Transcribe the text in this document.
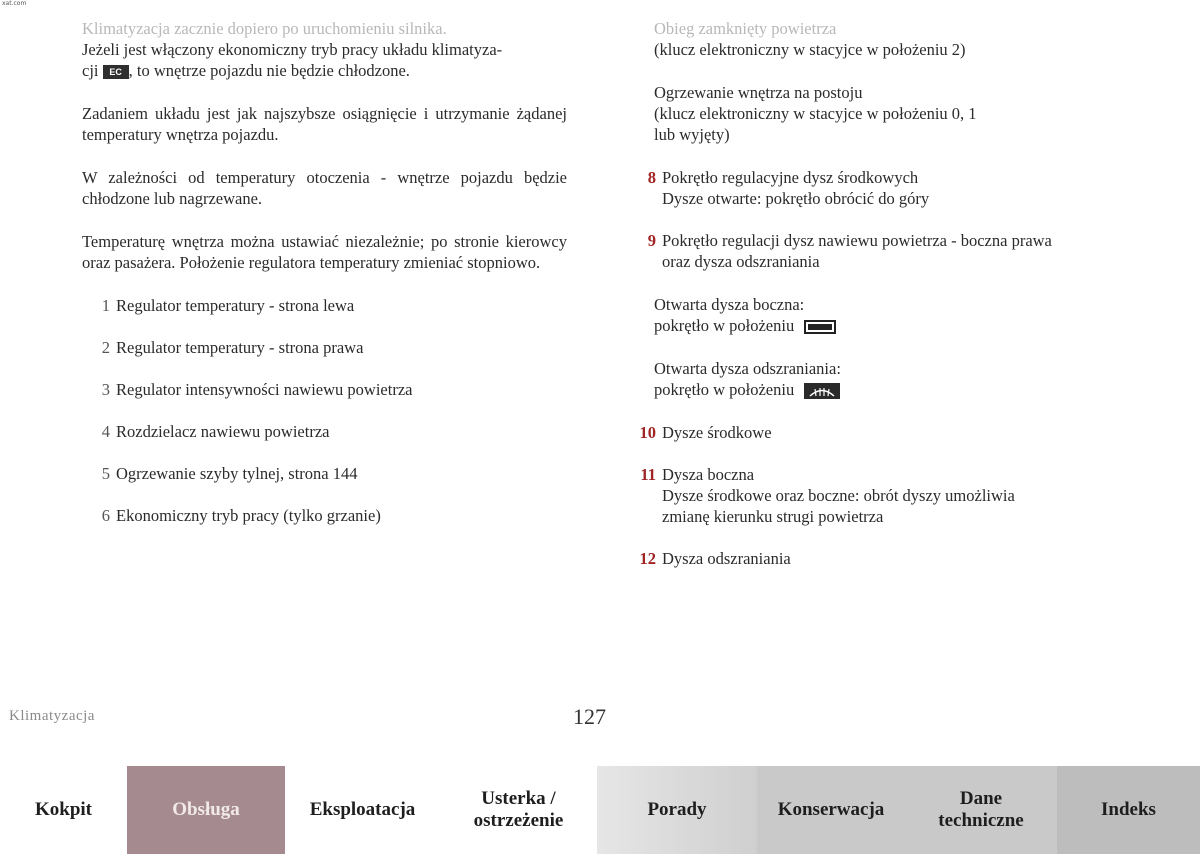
xat.com

Klimatyzacja zacznie dopiero po uruchomieniu silnika.
Jeżeli jest włączony ekonomiczny tryb pracy układu klimatyza-
cji EC , to wnętrze pojazdu nie będzie chłodzone.

Zadaniem układu jest jak najszybsze osiągnięcie i utrzymanie żądanej temperatury wnętrza pojazdu.

W zależności od temperatury otoczenia - wnętrze pojazdu będzie chłodzone lub nagrzewane.

Temperaturę wnętrza można ustawiać niezależnie; po stronie kierowcy oraz pasażera. Położenie regulatora temperatury zmieniać stopniowo.

1 Regulator temperatury - strona lewa
2 Regulator temperatury - strona prawa
3 Regulator intensywności nawiewu powietrza
4 Rozdzielacz nawiewu powietrza
5 Ogrzewanie szyby tylnej, strona 144
6 Ekonomiczny tryb pracy (tylko grzanie)
Obieg zamknięty powietrza
(klucz elektroniczny w stacyjce w położeniu 2)
Ogrzewanie wnętrza na postoju
(klucz elektroniczny w stacyjce w położeniu 0, 1
lub wyjęty)
8 Pokrętło regulacyjne dysz środkowych
Dysze otwarte: pokrętło obrócić do góry
9 Pokrętło regulacji dysz nawiewu powietrza - boczna prawa
oraz dysza odszraniania
Otwarta dysza boczna:
pokrętło w położeniu
Otwarta dysza odszraniania:
pokrętło w położeniu
10 Dysze środkowe
11 Dysza boczna
Dysze środkowe oraz boczne: obrót dyszy umożliwia
zmianę kierunku strugi powietrza
12 Dysza odszraniania
Klimatyzacja	127
Kokpit	Obsługa	Eksploatacja
Usterka / ostrzeżenie
Porady	Konserwacja
Dane techniczne
Indeks
